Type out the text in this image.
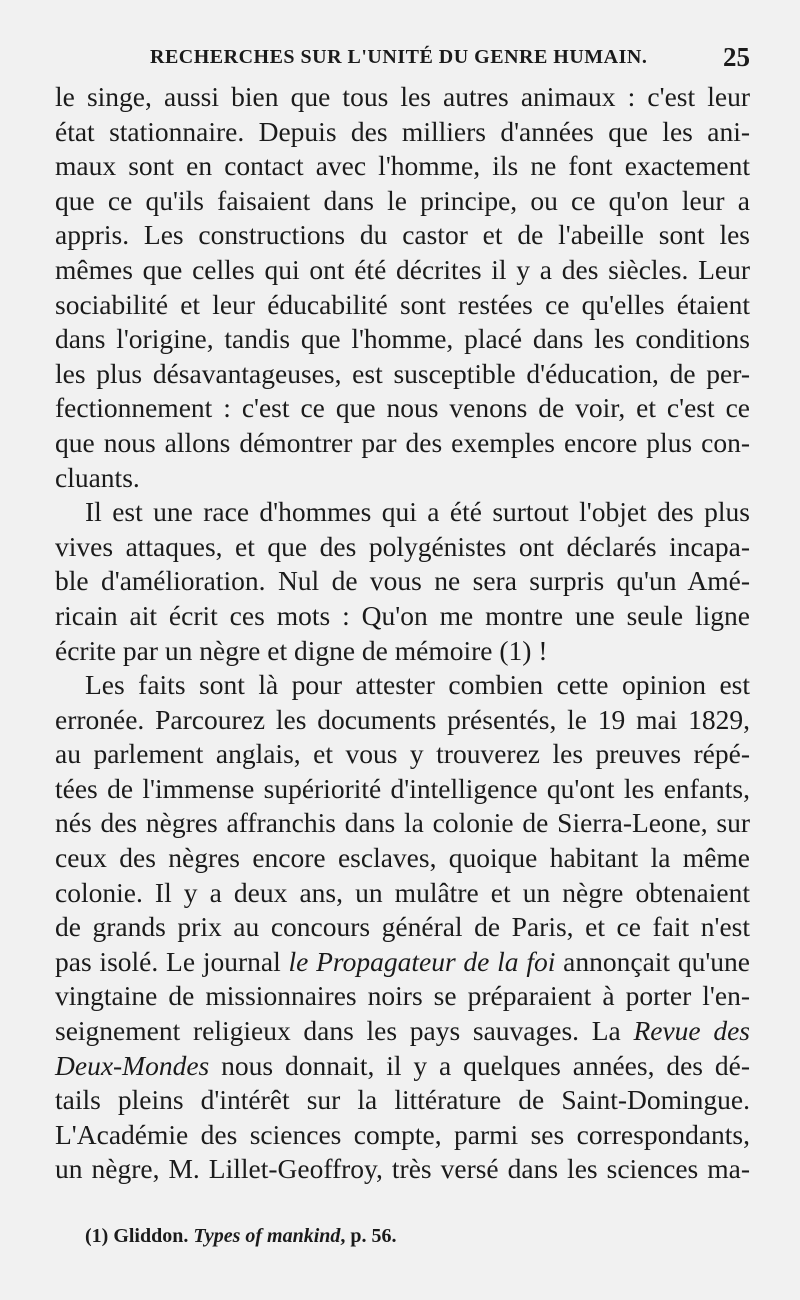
RECHERCHES SUR L'UNITÉ DU GENRE HUMAIN.	25

le singe, aussi bien que tous les autres animaux : c'est leur
état stationnaire. Depuis des milliers d'années que les ani-
maux sont en contact avec l'homme, ils ne font exactement
que ce qu'ils faisaient dans le principe, ou ce qu'on leur a
appris. Les constructions du castor et de l'abeille sont les
mêmes que celles qui ont été décrites il y a des siècles. Leur
sociabilité et leur éducabilité sont restées ce qu'elles étaient
dans l'origine, tandis que l'homme, placé dans les conditions
les plus désavantageuses, est susceptible d'éducation, de per-
fectionnement : c'est ce que nous venons de voir, et c'est ce
que nous allons démontrer par des exemples encore plus con-
cluants.

Il est une race d'hommes qui a été surtout l'objet des plus
vives attaques, et que des polygénistes ont déclarés incapa-
ble d'amélioration. Nul de vous ne sera surpris qu'un Amé-
ricain ait écrit ces mots : Qu'on me montre une seule ligne
écrite par un nègre et digne de mémoire (1) !

Les faits sont là pour attester combien cette opinion est
erronée. Parcourez les documents présentés, le 19 mai 1829,
au parlement anglais, et vous y trouverez les preuves répé-
tées de l'immense supériorité d'intelligence qu'ont les enfants,
nés des nègres affranchis dans la colonie de Sierra-Leone, sur
ceux des nègres encore esclaves, quoique habitant la même
colonie. Il y a deux ans, un mulâtre et un nègre obtenaient
de grands prix au concours général de Paris, et ce fait n'est
pas isolé. Le journal le Propagateur de la foi annonçait qu'une
vingtaine de missionnaires noirs se préparaient à porter l'en-
seignement religieux dans les pays sauvages. La Revue des
Deux-Mondes nous donnait, il y a quelques années, des dé-
tails pleins d'intérêt sur la littérature de Saint-Domingue.
L'Académie des sciences compte, parmi ses correspondants,
un nègre, M. Lillet-Geoffroy, très versé dans les sciences ma-

(1) Gliddon. Types of mankind, p. 56.
